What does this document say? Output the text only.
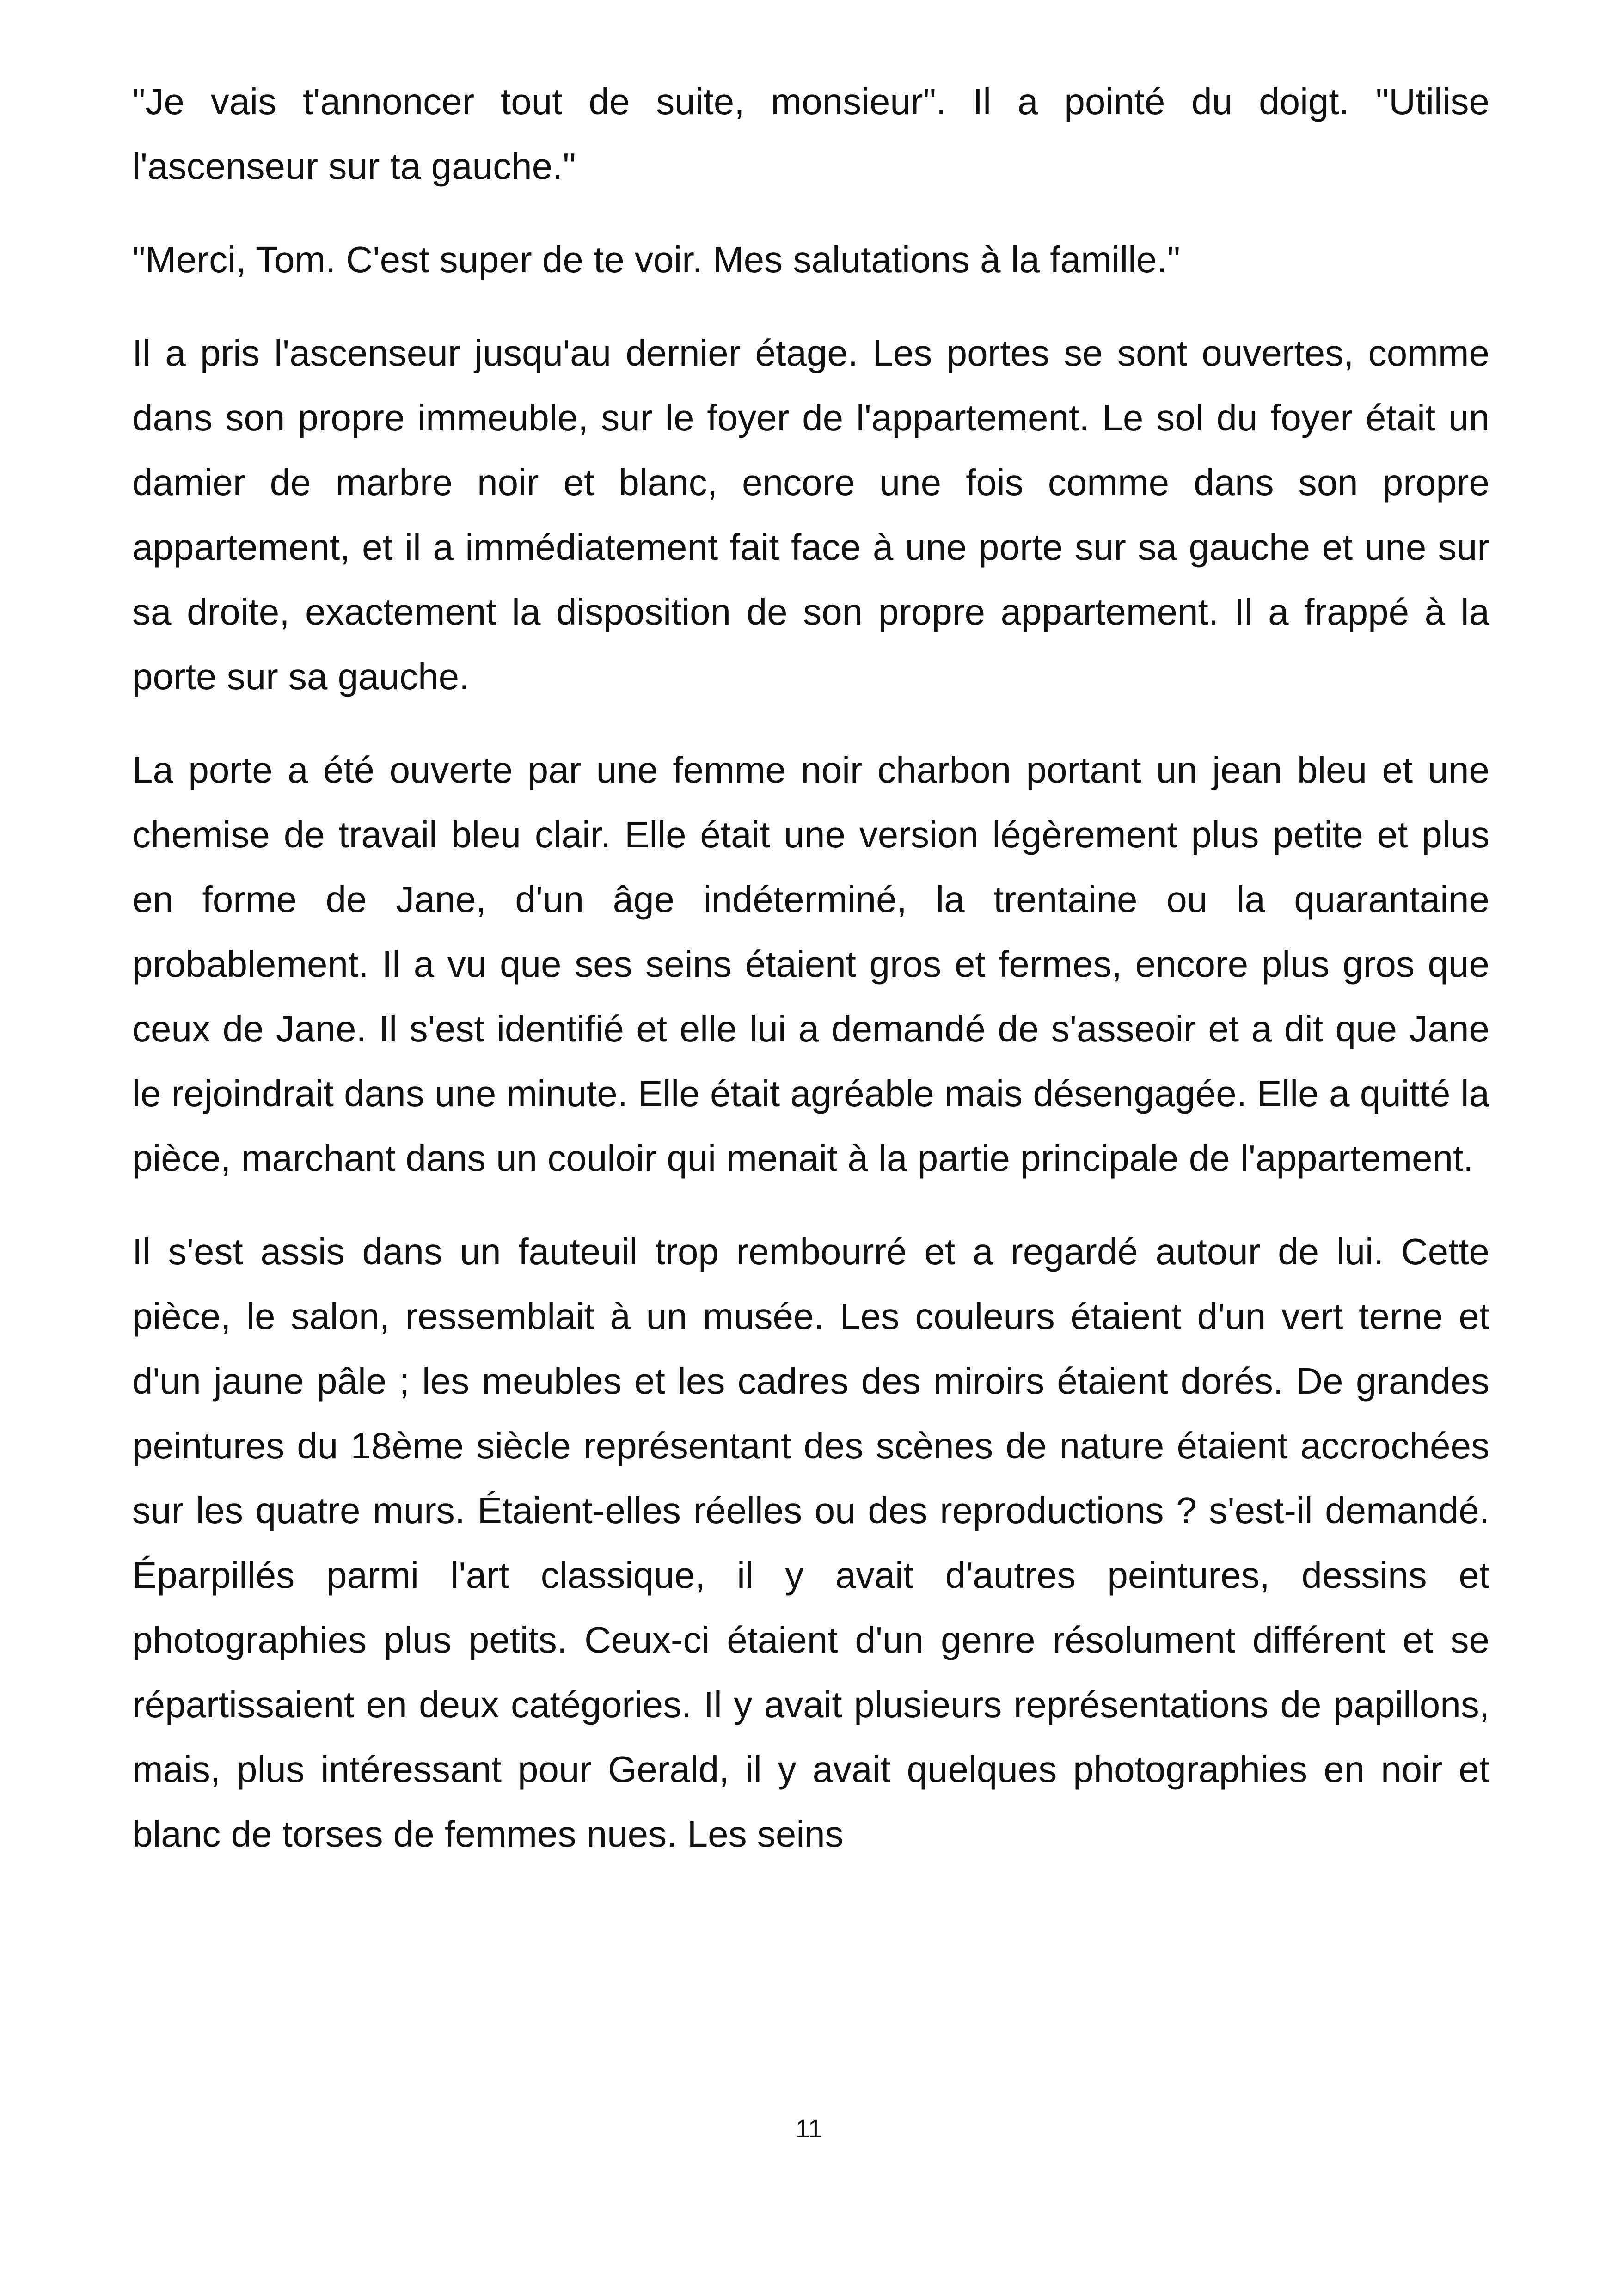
"Je vais t'annoncer tout de suite, monsieur". Il a pointé du doigt. "Utilise l'ascenseur sur ta gauche."

"Merci, Tom. C'est super de te voir. Mes salutations à la famille."

Il a pris l'ascenseur jusqu'au dernier étage. Les portes se sont ouvertes, comme dans son propre immeuble, sur le foyer de l'appartement. Le sol du foyer était un damier de marbre noir et blanc, encore une fois comme dans son propre appartement, et il a immédiatement fait face à une porte sur sa gauche et une sur sa droite, exactement la disposition de son propre appartement. Il a frappé à la porte sur sa gauche.

La porte a été ouverte par une femme noir charbon portant un jean bleu et une chemise de travail bleu clair. Elle était une version légèrement plus petite et plus en forme de Jane, d'un âge indéterminé, la trentaine ou la quarantaine probablement. Il a vu que ses seins étaient gros et fermes, encore plus gros que ceux de Jane. Il s'est identifié et elle lui a demandé de s'asseoir et a dit que Jane le rejoindrait dans une minute. Elle était agréable mais désengagée. Elle a quitté la pièce, marchant dans un couloir qui menait à la partie principale de l'appartement.

Il s'est assis dans un fauteuil trop rembourré et a regardé autour de lui. Cette pièce, le salon, ressemblait à un musée. Les couleurs étaient d'un vert terne et d'un jaune pâle ; les meubles et les cadres des miroirs étaient dorés. De grandes peintures du 18ème siècle représentant des scènes de nature étaient accrochées sur les quatre murs. Étaient-elles réelles ou des reproductions ? s'est-il demandé. Éparpillés parmi l'art classique, il y avait d'autres peintures, dessins et photographies plus petits. Ceux-ci étaient d'un genre résolument différent et se répartissaient en deux catégories. Il y avait plusieurs représentations de papillons, mais, plus intéressant pour Gerald, il y avait quelques photographies en noir et blanc de torses de femmes nues. Les seins

11
